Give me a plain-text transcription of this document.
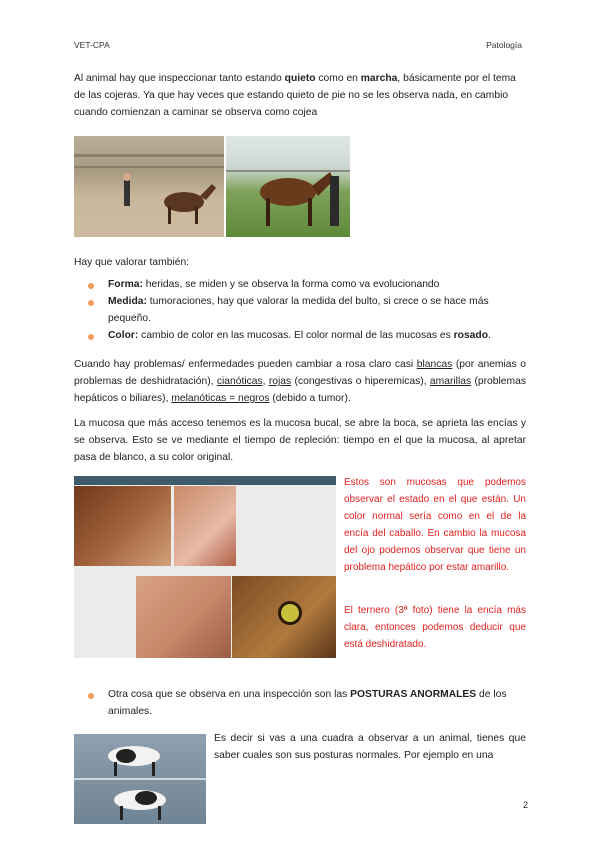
VET-CPA	Patología
Al animal hay que inspeccionar tanto estando quieto como en marcha, básicamente por el tema de las cojeras. Ya que hay veces que estando quieto de pie no se les observa nada, en cambio cuando comienzan a caminar se observa como cojea
Hay que valorar también:
Forma: heridas, se miden y se observa la forma como va evolucionando
Medida: tumoraciones, hay que valorar la medida del bulto, si crece o se hace más pequeño.
Color: cambio de color en las mucosas. El color normal de las mucosas es rosado.
Cuando hay problemas/ enfermedades pueden cambiar a rosa claro casi blancas (por anemias o problemas de deshidratación), cianóticas, rojas (congestivas o hiperemicas), amarillas (problemas hepáticos o biliares), melanóticas = negros (debido a tumor).
La mucosa que más acceso tenemos es la mucosa bucal, se abre la boca, se aprieta las encías y se observa. Esto se ve mediante el tiempo de repleción: tiempo en el que la mucosa, al apretar pasa de blanco, a su color original.
Estos son mucosas que podemos observar el estado en el que están. Un color normal sería como en el de la encía del caballo. En cambio la mucosa del ojo podemos observar que tiene un problema hepático por estar amarillo.
El ternero (3ª foto) tiene la encía más clara, entonces podemos deducir que está deshidratado.
Otra cosa que se observa en una inspección son las POSTURAS ANORMALES de los animales.
Es decir si vas a una cuadra a observar a un animal, tienes que saber cuales son sus posturas normales. Por ejemplo en una
2
